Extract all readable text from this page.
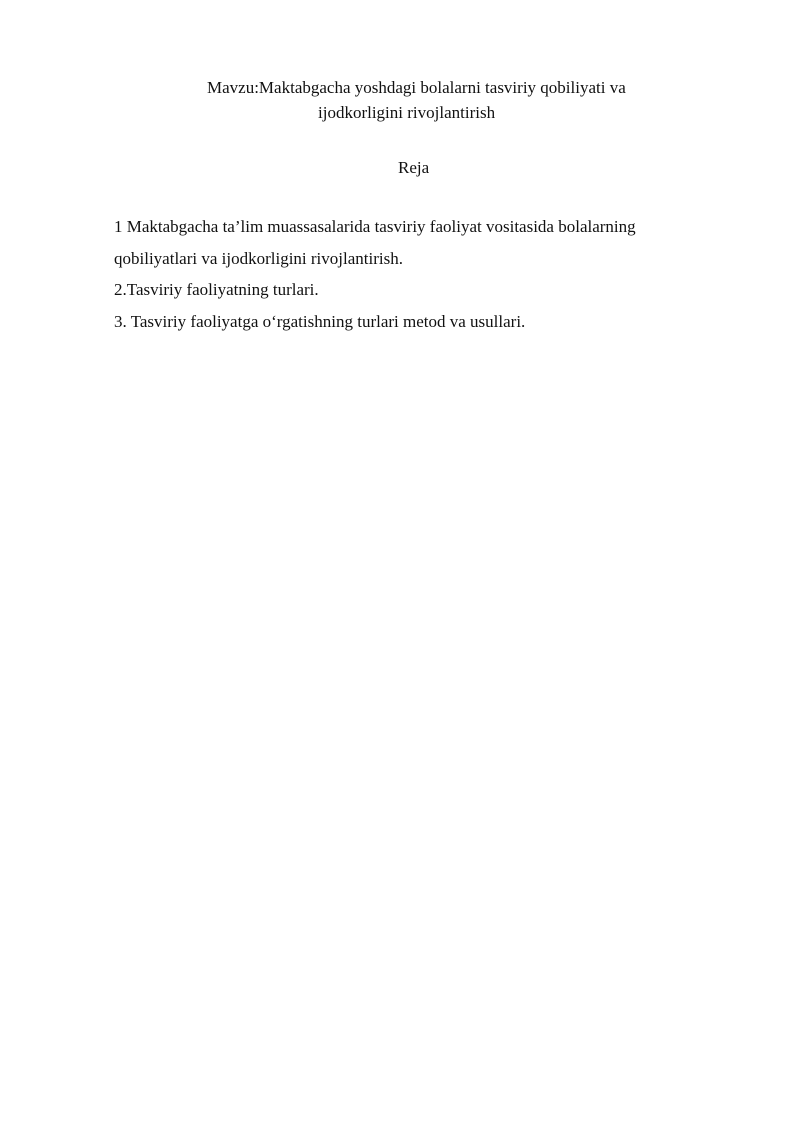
Mavzu:Maktabgacha yoshdagi bolalarni tasviriy qobiliyati va
ijodkorligini rivojlantirish
Reja
1 Maktabgacha ta’lim muassasalarida tasviriy faoliyat vositasida bolalarning
qobiliyatlari va ijodkorligini rivojlantirish.
2.Tasviriy faoliyatning turlari.
3. Tasviriy faoliyatga o‘rgatishning turlari metod va usullari.
